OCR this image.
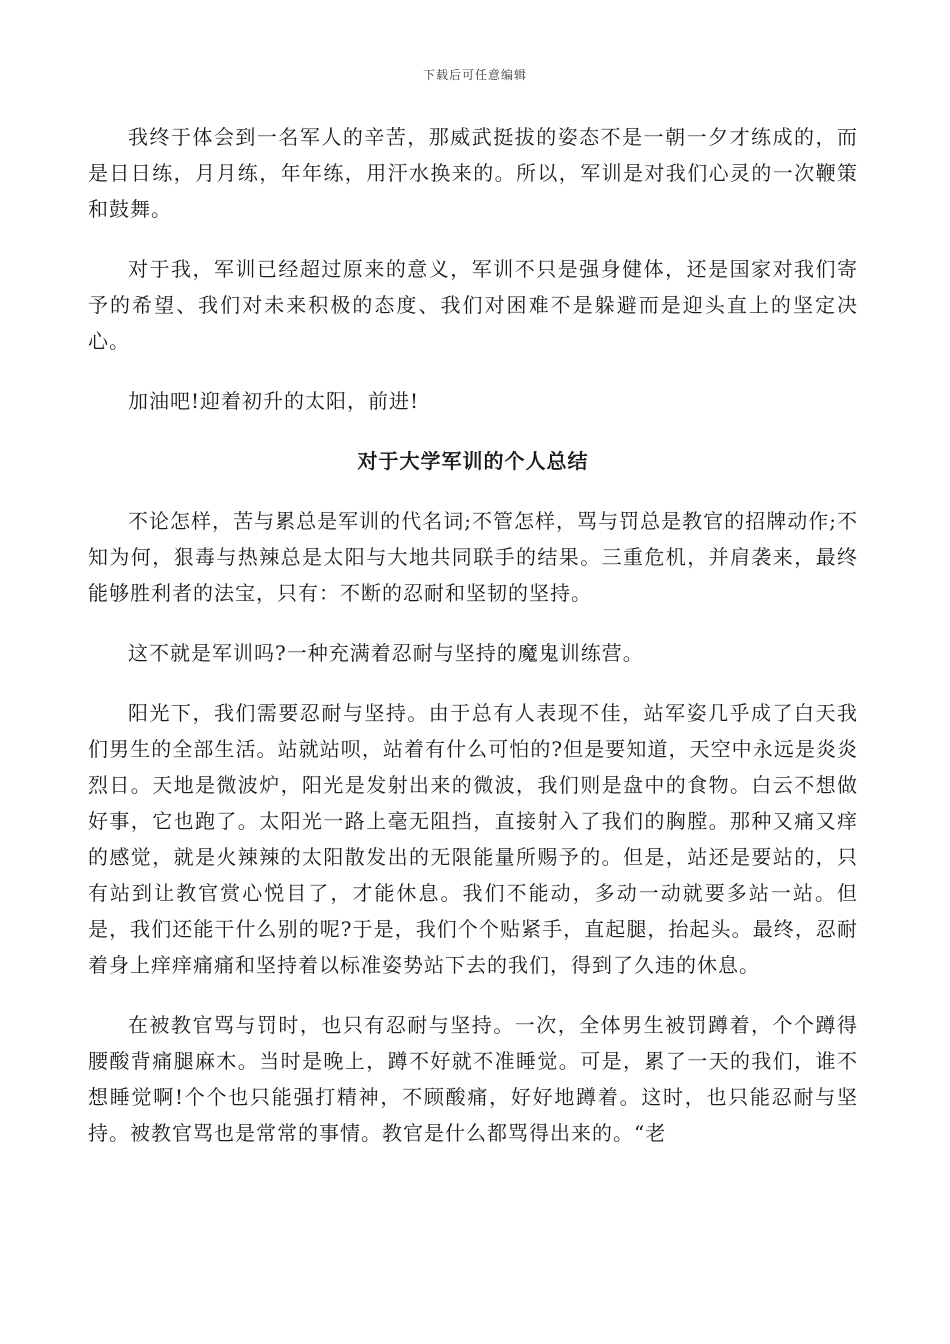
下载后可任意编辑

我终于体会到一名军人的辛苦，那威武挺拔的姿态不是一朝一夕才练成的，而是日日练，月月练，年年练，用汗水换来的。所以，军训是对我们心灵的一次鞭策和鼓舞。

对于我，军训已经超过原来的意义，军训不只是强身健体，还是国家对我们寄予的希望、我们对未来积极的态度、我们对困难不是躲避而是迎头直上的坚定决心。

加油吧!迎着初升的太阳，前进!

对于大学军训的个人总结

不论怎样，苦与累总是军训的代名词;不管怎样，骂与罚总是教官的招牌动作;不知为何，狠毒与热辣总是太阳与大地共同联手的结果。三重危机，并肩袭来，最终能够胜利者的法宝，只有：不断的忍耐和坚韧的坚持。

这不就是军训吗?一种充满着忍耐与坚持的魔鬼训练营。

阳光下，我们需要忍耐与坚持。由于总有人表现不佳，站军姿几乎成了白天我们男生的全部生活。站就站呗，站着有什么可怕的?但是要知道，天空中永远是炎炎烈日。天地是微波炉，阳光是发射出来的微波，我们则是盘中的食物。白云不想做好事，它也跑了。太阳光一路上毫无阻挡，直接射入了我们的胸膛。那种又痛又痒的感觉，就是火辣辣的太阳散发出的无限能量所赐予的。但是，站还是要站的，只有站到让教官赏心悦目了，才能休息。我们不能动，多动一动就要多站一站。但是，我们还能干什么别的呢?于是，我们个个贴紧手，直起腿，抬起头。最终，忍耐着身上痒痒痛痛和坚持着以标准姿势站下去的我们，得到了久违的休息。

在被教官骂与罚时，也只有忍耐与坚持。一次，全体男生被罚蹲着，个个蹲得腰酸背痛腿麻木。当时是晚上，蹲不好就不准睡觉。可是，累了一天的我们，谁不想睡觉啊!个个也只能强打精神，不顾酸痛，好好地蹲着。这时，也只能忍耐与坚持。被教官骂也是常常的事情。教官是什么都骂得出来的。“老
